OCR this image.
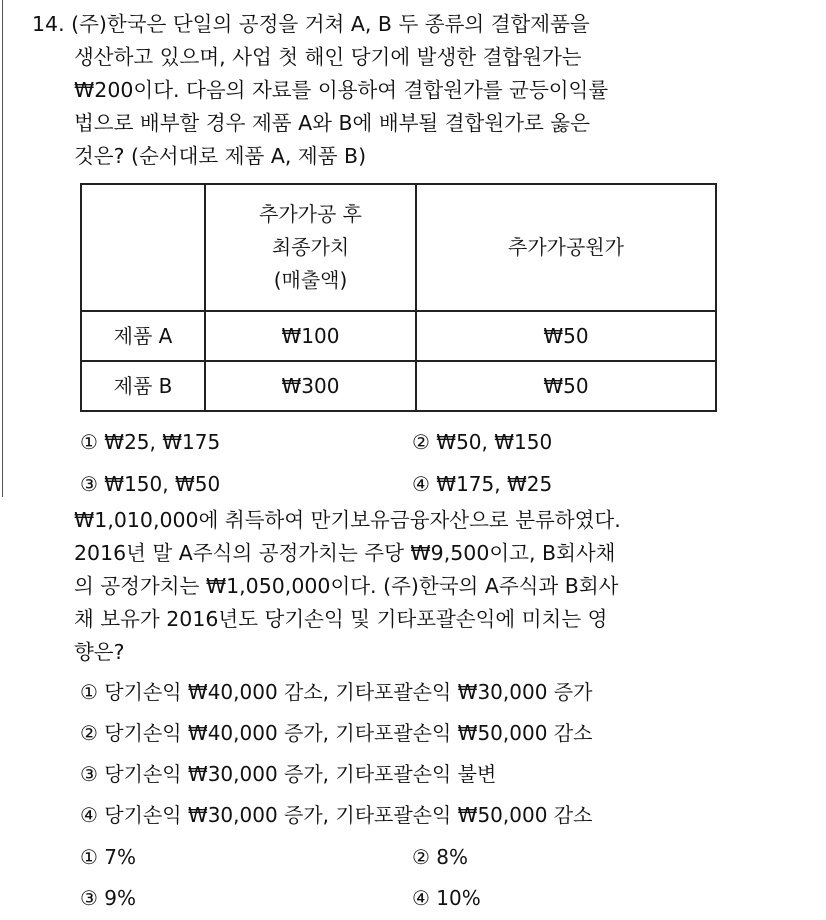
14. (주)한국은 단일의 공정을 거쳐 A, B 두 종류의 결합제품을
생산하고 있으며, 사업 첫 해인 당기에 발생한 결합원가는
₩200이다. 다음의 자료를 이용하여 결합원가를 균등이익률
법으로 배부할 경우 제품 A와 B에 배부될 결합원가로 옳은
것은? (순서대로 제품 A, 제품 B)

	추가가공 후
최종가치
(매출액)	추가가공원가
제품 A	₩100	₩50
제품 B	₩300	₩50
① ₩25, ₩175	② ₩50, ₩150
③ ₩150, ₩50	④ ₩175, ₩25
₩1,010,000에 취득하여 만기보유금융자산으로 분류하였다.
2016년 말 A주식의 공정가치는 주당 ₩9,500이고, B회사채
의 공정가치는 ₩1,050,000이다. (주)한국의 A주식과 B회사
채 보유가 2016년도 당기손익 및 기타포괄손익에 미치는 영
향은?
① 당기손익 ₩40,000 감소, 기타포괄손익 ₩30,000 증가
② 당기손익 ₩40,000 증가, 기타포괄손익 ₩50,000 감소
③ 당기손익 ₩30,000 증가, 기타포괄손익 불변
④ 당기손익 ₩30,000 증가, 기타포괄손익 ₩50,000 감소
① 7%	② 8%
③ 9%	④ 10%
